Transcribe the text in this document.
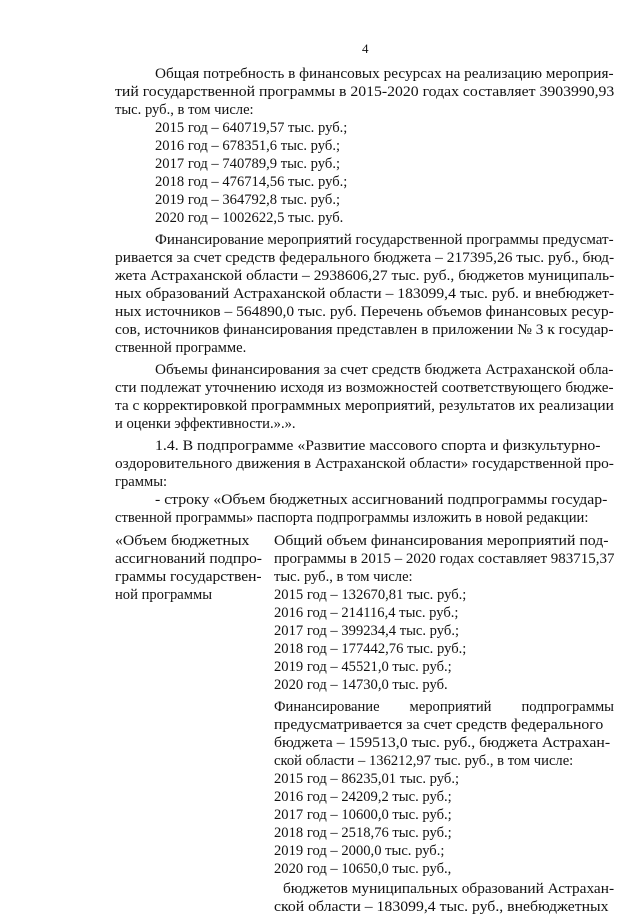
4
Общая потребность в финансовых ресурсах на реализацию мероприя-
тий государственной программы в 2015-2020 годах составляет 3903990,93
тыс. руб., в том числе:
2015 год – 640719,57 тыс. руб.;
2016 год – 678351,6 тыс. руб.;
2017 год – 740789,9 тыс. руб.;
2018 год – 476714,56 тыс. руб.;
2019 год – 364792,8 тыс. руб.;
2020 год – 1002622,5 тыс. руб.
Финансирование мероприятий государственной программы предусмат-
ривается за счет средств федерального бюджета – 217395,26 тыс. руб., бюд-
жета Астраханской области – 2938606,27 тыс. руб., бюджетов муниципаль-
ных образований Астраханской области – 183099,4 тыс. руб. и внебюджет-
ных источников – 564890,0 тыс. руб. Перечень объемов финансовых ресур-
сов, источников финансирования представлен в приложении № 3 к государ-
ственной программе.
Объемы финансирования за счет средств бюджета Астраханской обла-
сти подлежат уточнению исходя из возможностей соответствующего бюдже-
та с корректировкой программных мероприятий, результатов их реализации
и оценки эффективности.».».
1.4. В подпрограмме «Развитие массового спорта и физкультурно-
оздоровительного движения в Астраханской области» государственной про-
граммы:
- строку «Объем бюджетных ассигнований подпрограммы государ-
ственной программы» паспорта подпрограммы изложить в новой редакции:
«Объем бюджетных
ассигнований подпро-
граммы государствен-
ной программы
Общий объем финансирования мероприятий под-
программы в 2015 – 2020 годах составляет 983715,37
тыс. руб., в том числе:
2015 год – 132670,81 тыс. руб.;
2016 год – 214116,4 тыс. руб.;
2017 год – 399234,4 тыс. руб.;
2018 год – 177442,76 тыс. руб.;
2019 год – 45521,0 тыс. руб.;
2020 год – 14730,0 тыс. руб.
Финансирование мероприятий подпрограммы
предусматривается за счет средств федерального
бюджета – 159513,0 тыс. руб., бюджета Астрахан-
ской области – 136212,97 тыс. руб., в том числе:
2015 год – 86235,01 тыс. руб.;
2016 год – 24209,2 тыс. руб.;
2017 год – 10600,0 тыс. руб.;
2018 год – 2518,76 тыс. руб.;
2019 год – 2000,0 тыс. руб.;
2020 год – 10650,0 тыс. руб.,
бюджетов муниципальных образований Астрахан-
ской области – 183099,4 тыс. руб., внебюджетных
